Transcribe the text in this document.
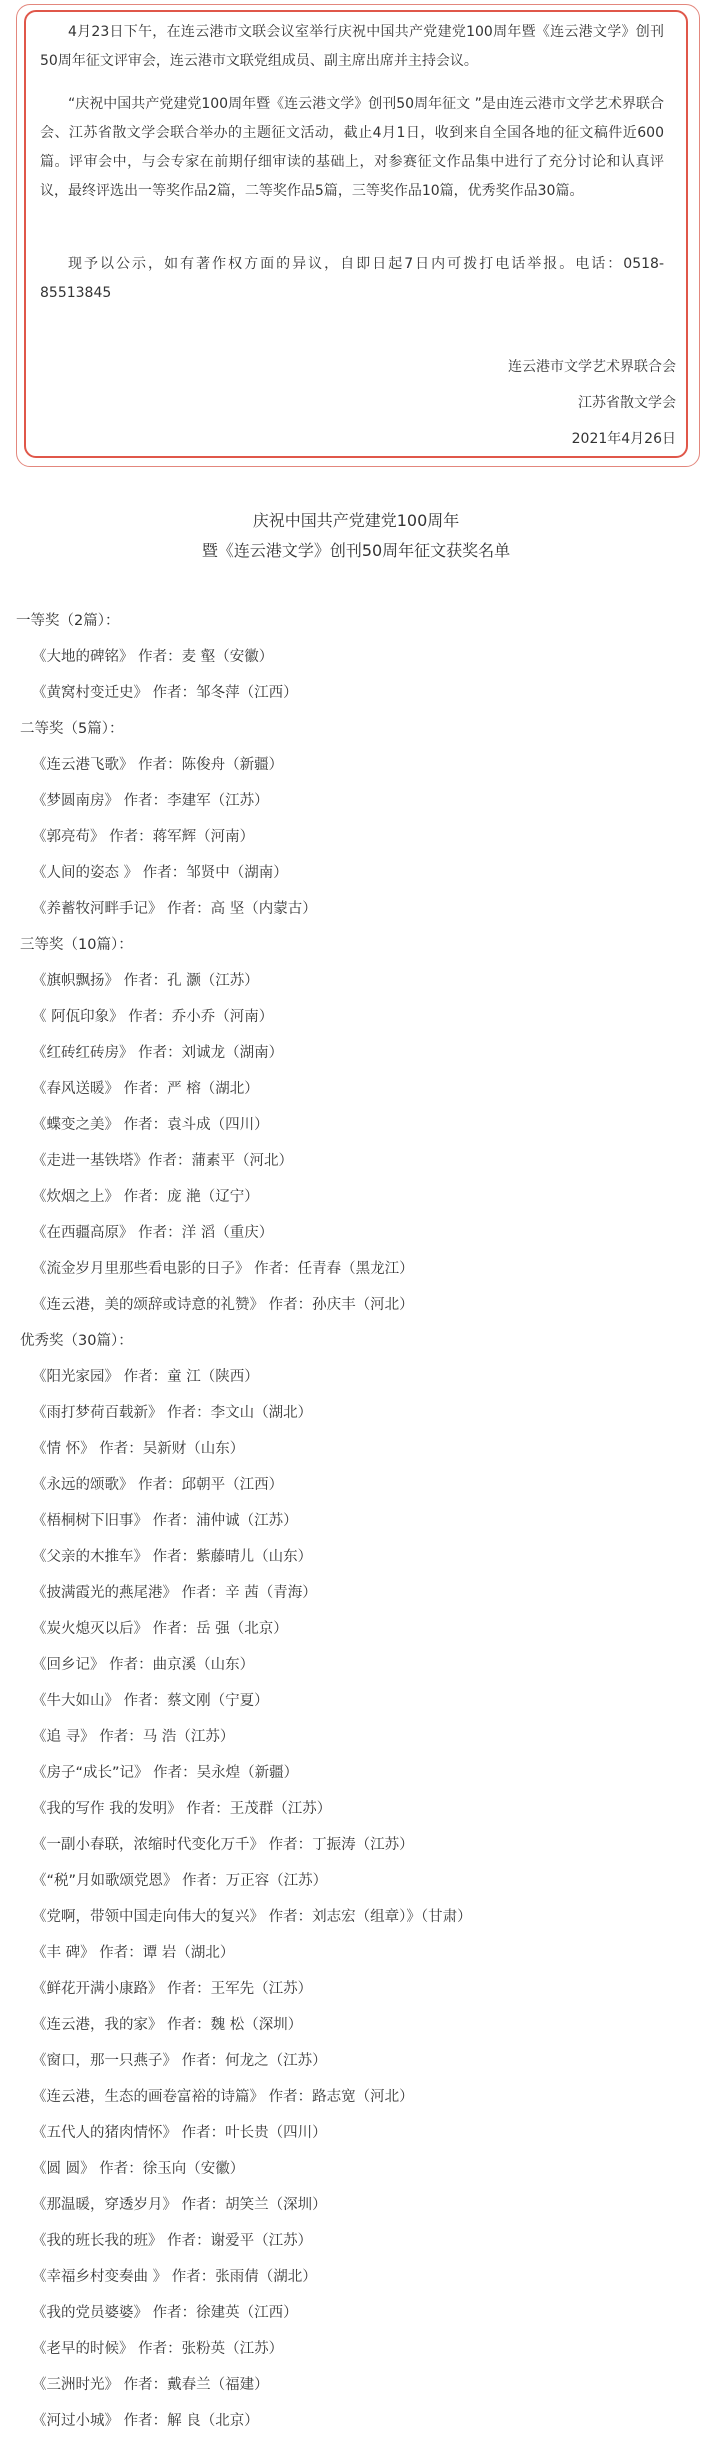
4月23日下午，在连云港市文联会议室举行庆祝中国共产党建党100周年暨《连云港文学》创刊50周年征文评审会，连云港市文联党组成员、副主席出席并主持会议。

“庆祝中国共产党建党100周年暨《连云港文学》创刊50周年征文 ”是由连云港市文学艺术界联合会、江苏省散文学会联合举办的主题征文活动，截止4月1日，收到来自全国各地的征文稿件近600篇。评审会中，与会专家在前期仔细审读的基础上，对参赛征文作品集中进行了充分讨论和认真评议，最终评选出一等奖作品2篇，二等奖作品5篇，三等奖作品10篇，优秀奖作品30篇。

现予以公示，如有著作权方面的异议，自即日起7日内可拨打电话举报。电话：0518-85513845

连云港市文学艺术界联合会
江苏省散文学会
2021年4月26日
庆祝中国共产党建党100周年
暨《连云港文学》创刊50周年征文获奖名单
一等奖（2篇）：
《大地的碑铭》 作者：麦 壑（安徽）
《黄窝村变迁史》 作者：邹冬萍（江西）
二等奖（5篇）：
《连云港飞歌》 作者：陈俊舟（新疆）
《梦圆南房》 作者：李建军（江苏）
《郭亮苟》 作者：蒋军辉（河南）
《人间的姿态 》 作者：邹贤中（湖南）
《养蓄牧河畔手记》 作者：高 坚（内蒙古）
三等奖（10篇）：
《旗帜飘扬》 作者：孔 灏（江苏）
《 阿佤印象》 作者：乔小乔（河南）
《红砖红砖房》 作者：刘诚龙（湖南）
《春风送暖》 作者：严 榕（湖北）
《蝶变之美》 作者：袁斗成（四川）
《走进一基铁塔》作者：蒲素平（河北）
《炊烟之上》 作者：庞 滟（辽宁）
《在西疆高原》 作者：洋 滔（重庆）
《流金岁月里那些看电影的日子》 作者：任青春（黑龙江）
《连云港，美的颂辞或诗意的礼赞》 作者：孙庆丰（河北）
优秀奖（30篇）：
《阳光家园》 作者：童 江（陕西）
《雨打梦荷百载新》 作者：李文山（湖北）
《情 怀》 作者：吴新财（山东）
《永远的颂歌》 作者：邱朝平（江西）
《梧桐树下旧事》 作者：浦仲诚（江苏）
《父亲的木推车》 作者：紫藤晴儿（山东）
《披满霞光的燕尾港》 作者：辛 茜（青海）
《炭火熄灭以后》 作者：岳 强（北京）
《回乡记》 作者：曲京溪（山东）
《牛大如山》 作者：蔡文刚（宁夏）
《追 寻》 作者：马 浩（江苏）
《房子“成长”记》 作者：吴永煌（新疆）
《我的写作 我的发明》 作者：王茂群（江苏）
《一副小春联，浓缩时代变化万千》 作者：丁振涛（江苏）
《“税”月如歌颂党恩》 作者：万正容（江苏）
《党啊，带领中国走向伟大的复兴》 作者：刘志宏（组章）》（甘肃）
《丰 碑》 作者：谭 岩（湖北）
《鲜花开满小康路》 作者：王军先（江苏）
《连云港，我的家》 作者：魏 松（深圳）
《窗口，那一只燕子》 作者：何龙之（江苏）
《连云港，生态的画卷富裕的诗篇》 作者：路志宽（河北）
《五代人的猪肉情怀》 作者：叶长贵（四川）
《圆 圆》 作者：徐玉向（安徽）
《那温暖，穿透岁月》 作者：胡笑兰（深圳）
《我的班长我的班》 作者：谢爱平（江苏）
《幸福乡村变奏曲 》 作者：张雨倩（湖北）
《我的党员婆婆》 作者：徐建英（江西）
《老早的时候》 作者：张粉英（江苏）
《三洲时光》 作者：戴春兰（福建）
《河过小城》 作者：解 良（北京）
